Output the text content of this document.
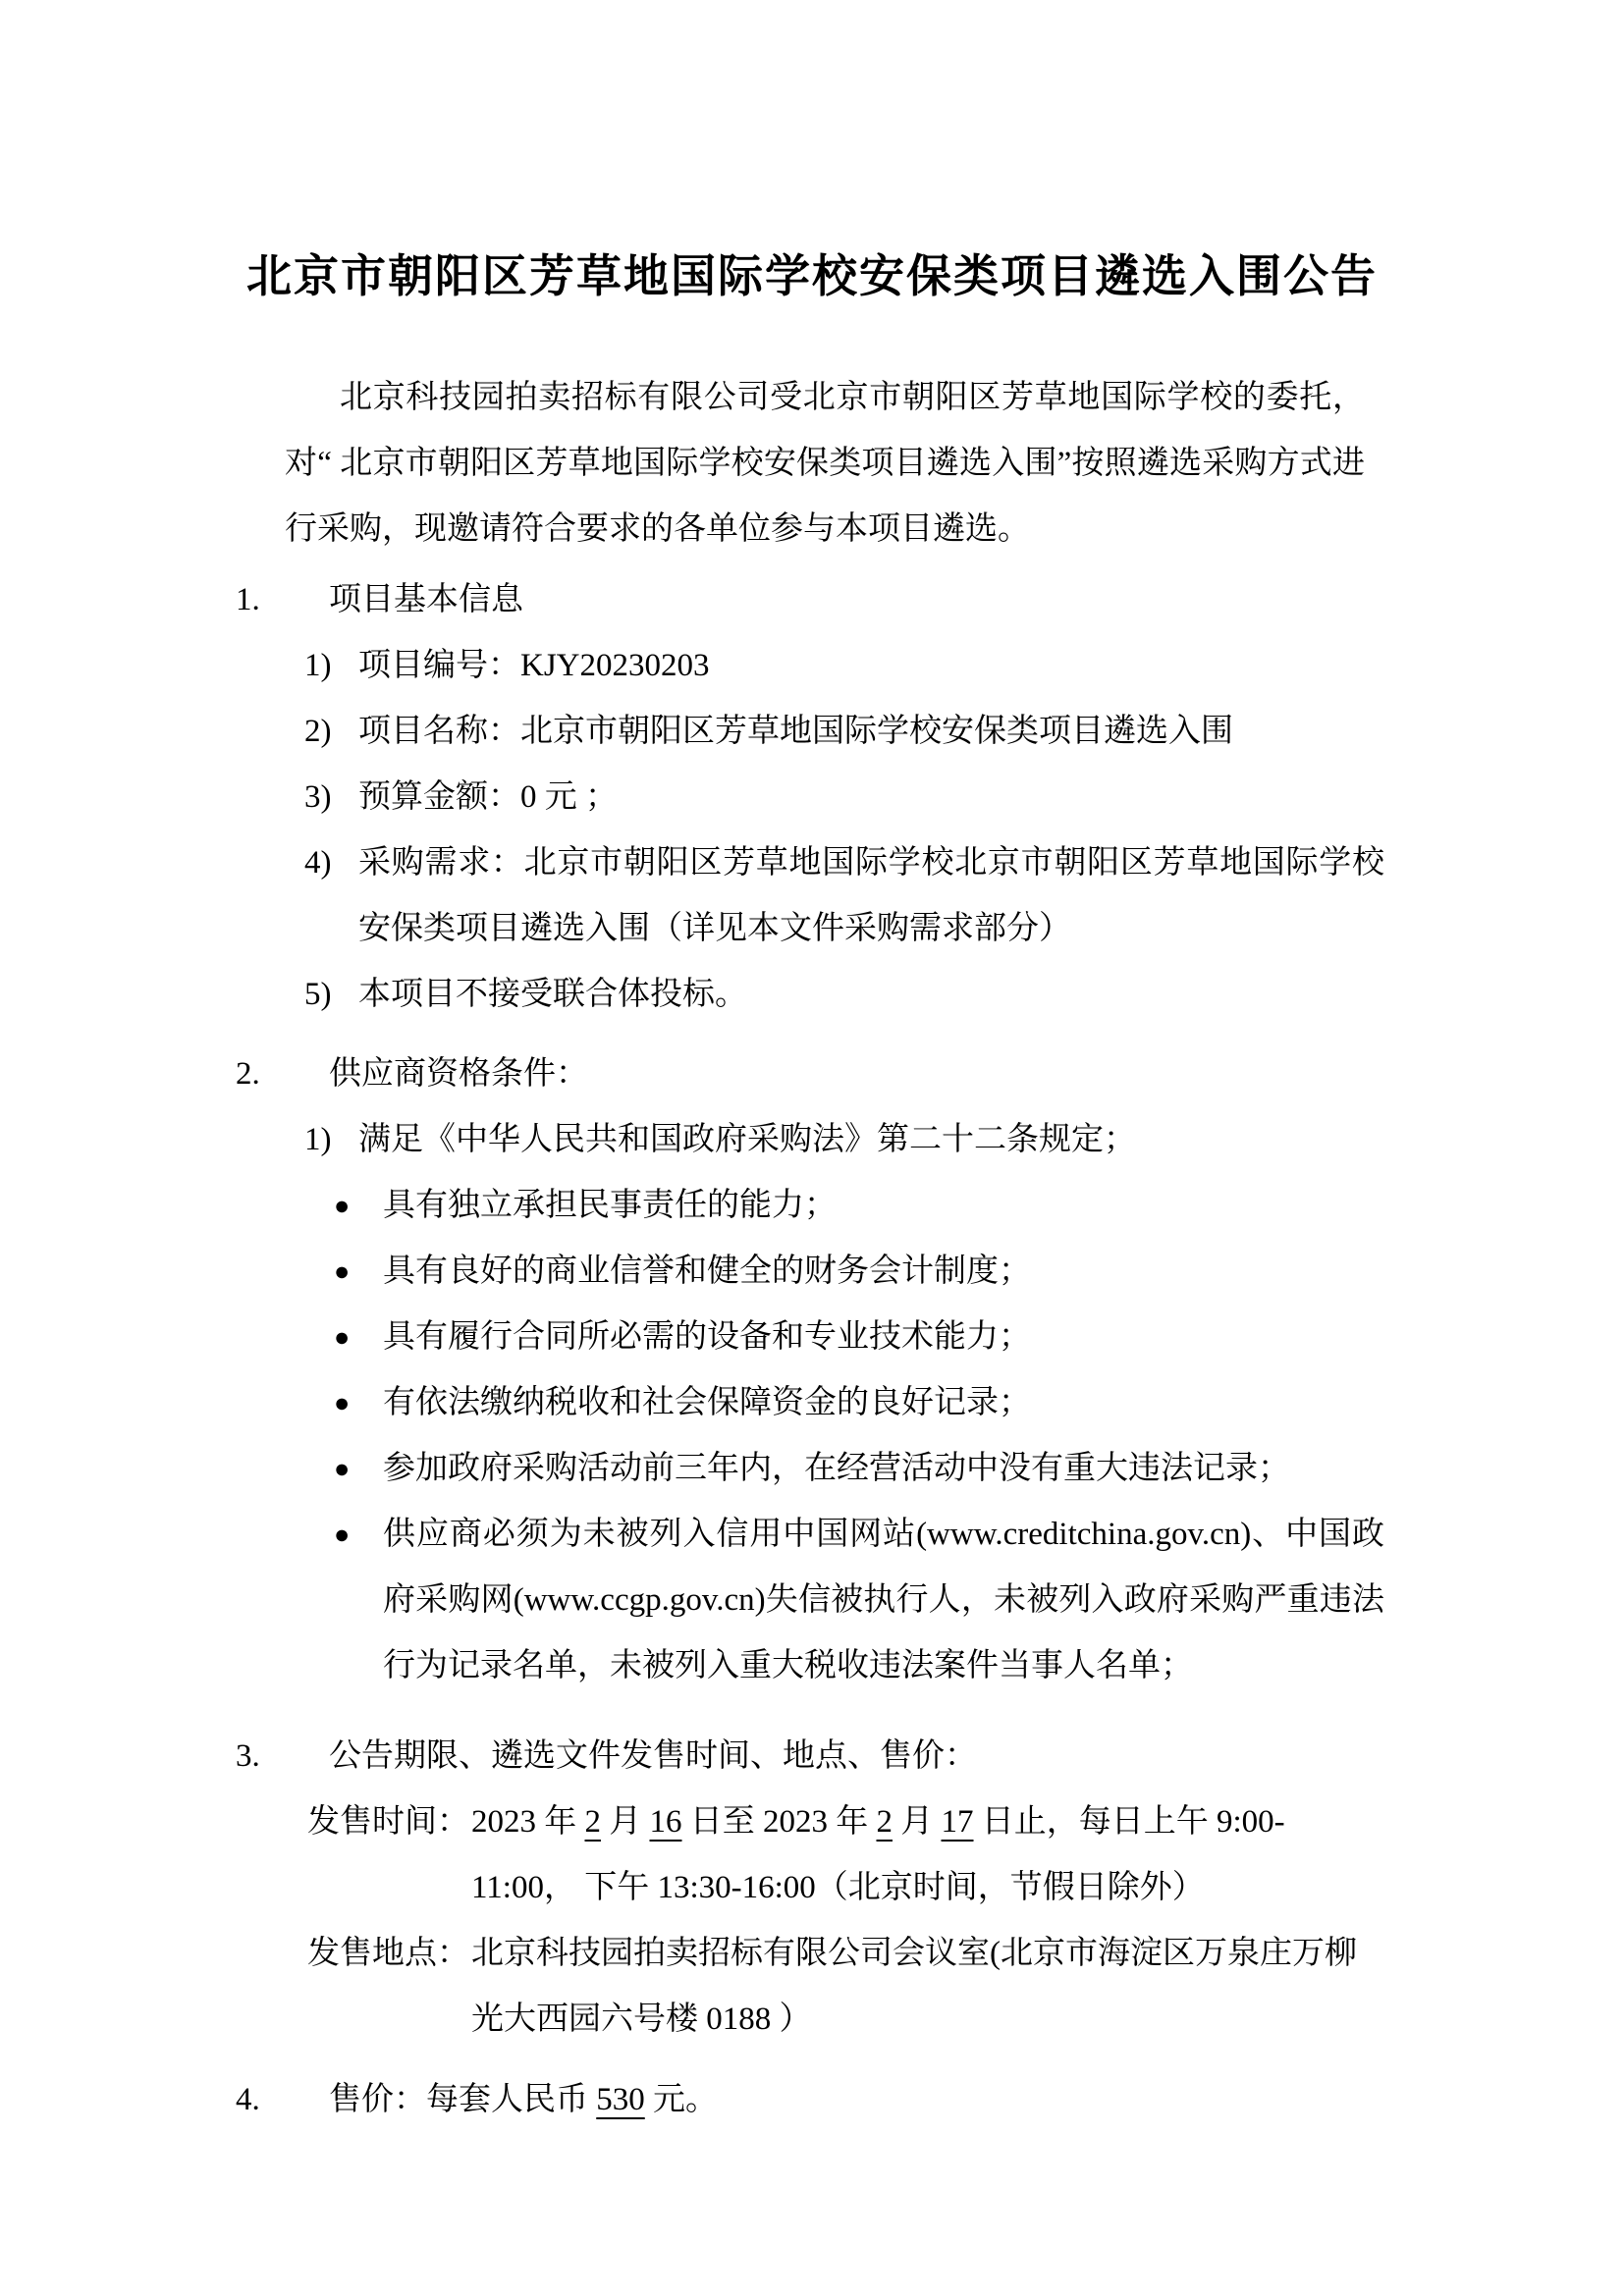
北京市朝阳区芳草地国际学校安保类项目遴选入围公告

北京科技园拍卖招标有限公司受北京市朝阳区芳草地国际学校的委托，对“ 北京市朝阳区芳草地国际学校安保类项目遴选入围”按照遴选采购方式进行采购，现邀请符合要求的各单位参与本项目遴选。

1. 项目基本信息
1) 项目编号：KJY20230203
2) 项目名称：北京市朝阳区芳草地国际学校安保类项目遴选入围
3) 预算金额：0 元 ；
4) 采购需求：北京市朝阳区芳草地国际学校北京市朝阳区芳草地国际学校安保类项目遴选入围（详见本文件采购需求部分）
5) 本项目不接受联合体投标。
2. 供应商资格条件：
1) 满足《中华人民共和国政府采购法》第二十二条规定；
●	具有独立承担民事责任的能力；
●	具有良好的商业信誉和健全的财务会计制度；
●	具有履行合同所必需的设备和专业技术能力；
●	有依法缴纳税收和社会保障资金的良好记录；
●	参加政府采购活动前三年内，在经营活动中没有重大违法记录；
●	供应商必须为未被列入信用中国网站(www.creditchina.gov.cn)、中国政府采购网(www.ccgp.gov.cn)失信被执行人，未被列入政府采购严重违法行为记录名单，未被列入重大税收违法案件当事人名单；
3. 公告期限、遴选文件发售时间、地点、售价：
发售时间： 2023 年 2 月 16 日至 2023 年 2 月 17 日止，每日上午 9:00-
11:00， 下午 13:30-16:00（北京时间，节假日除外）
发售地点： 北京科技园拍卖招标有限公司会议室(北京市海淀区万泉庄万柳
光大西园六号楼 0188 ）
4. 售价：每套人民币 530 元。
